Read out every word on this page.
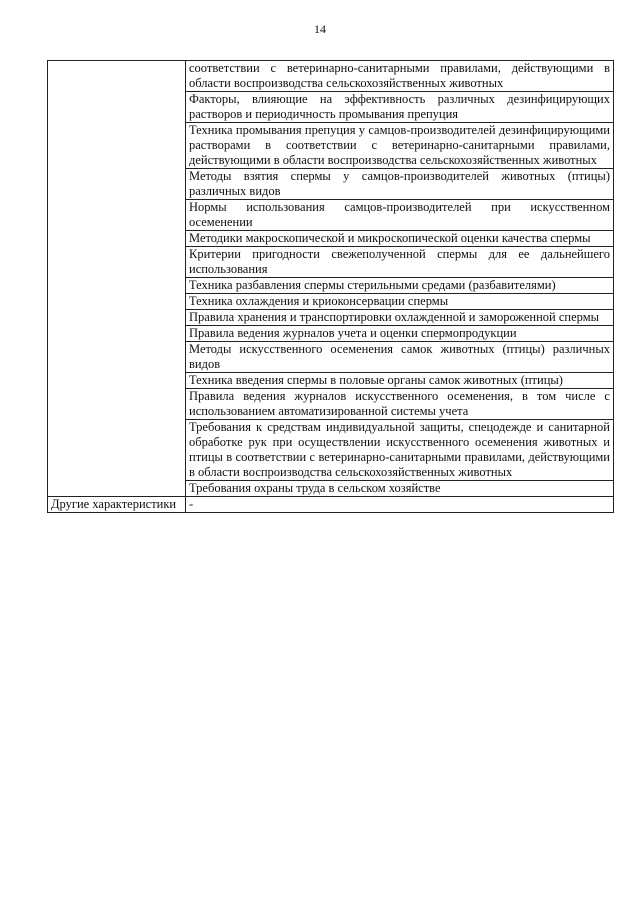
14
	соответствии с ветеринарно-санитарными правилами, действующими в области воспроизводства сельскохозяйственных животных
	Факторы, влияющие на эффективность различных дезинфицирующих растворов и периодичность промывания препуция
	Техника промывания препуция у самцов-производителей дезинфицирующими растворами в соответствии с ветеринарно-санитарными правилами, действующими в области воспроизводства сельскохозяйственных животных
	Методы взятия спермы у самцов-производителей животных (птицы) различных видов
	Нормы использования самцов-производителей при искусственном осеменении
	Методики макроскопической и микроскопической оценки качества спермы
	Критерии пригодности свежеполученной спермы для ее дальнейшего использования
	Техника разбавления спермы стерильными средами (разбавителями)
	Техника охлаждения и криоконсервации спермы
	Правила хранения и транспортировки охлажденной и замороженной спермы
	Правила ведения журналов учета и оценки спермопродукции
	Методы искусственного осеменения самок животных (птицы) различных видов
	Техника введения спермы в половые органы самок животных (птицы)
	Правила ведения журналов искусственного осеменения, в том числе с использованием автоматизированной системы учета
	Требования к средствам индивидуальной защиты, спецодежде и санитарной обработке рук при осуществлении искусственного осеменения животных и птицы в соответствии с ветеринарно-санитарными правилами, действующими в области воспроизводства сельскохозяйственных животных
	Требования охраны труда в сельском хозяйстве
Другие характеристики	-
